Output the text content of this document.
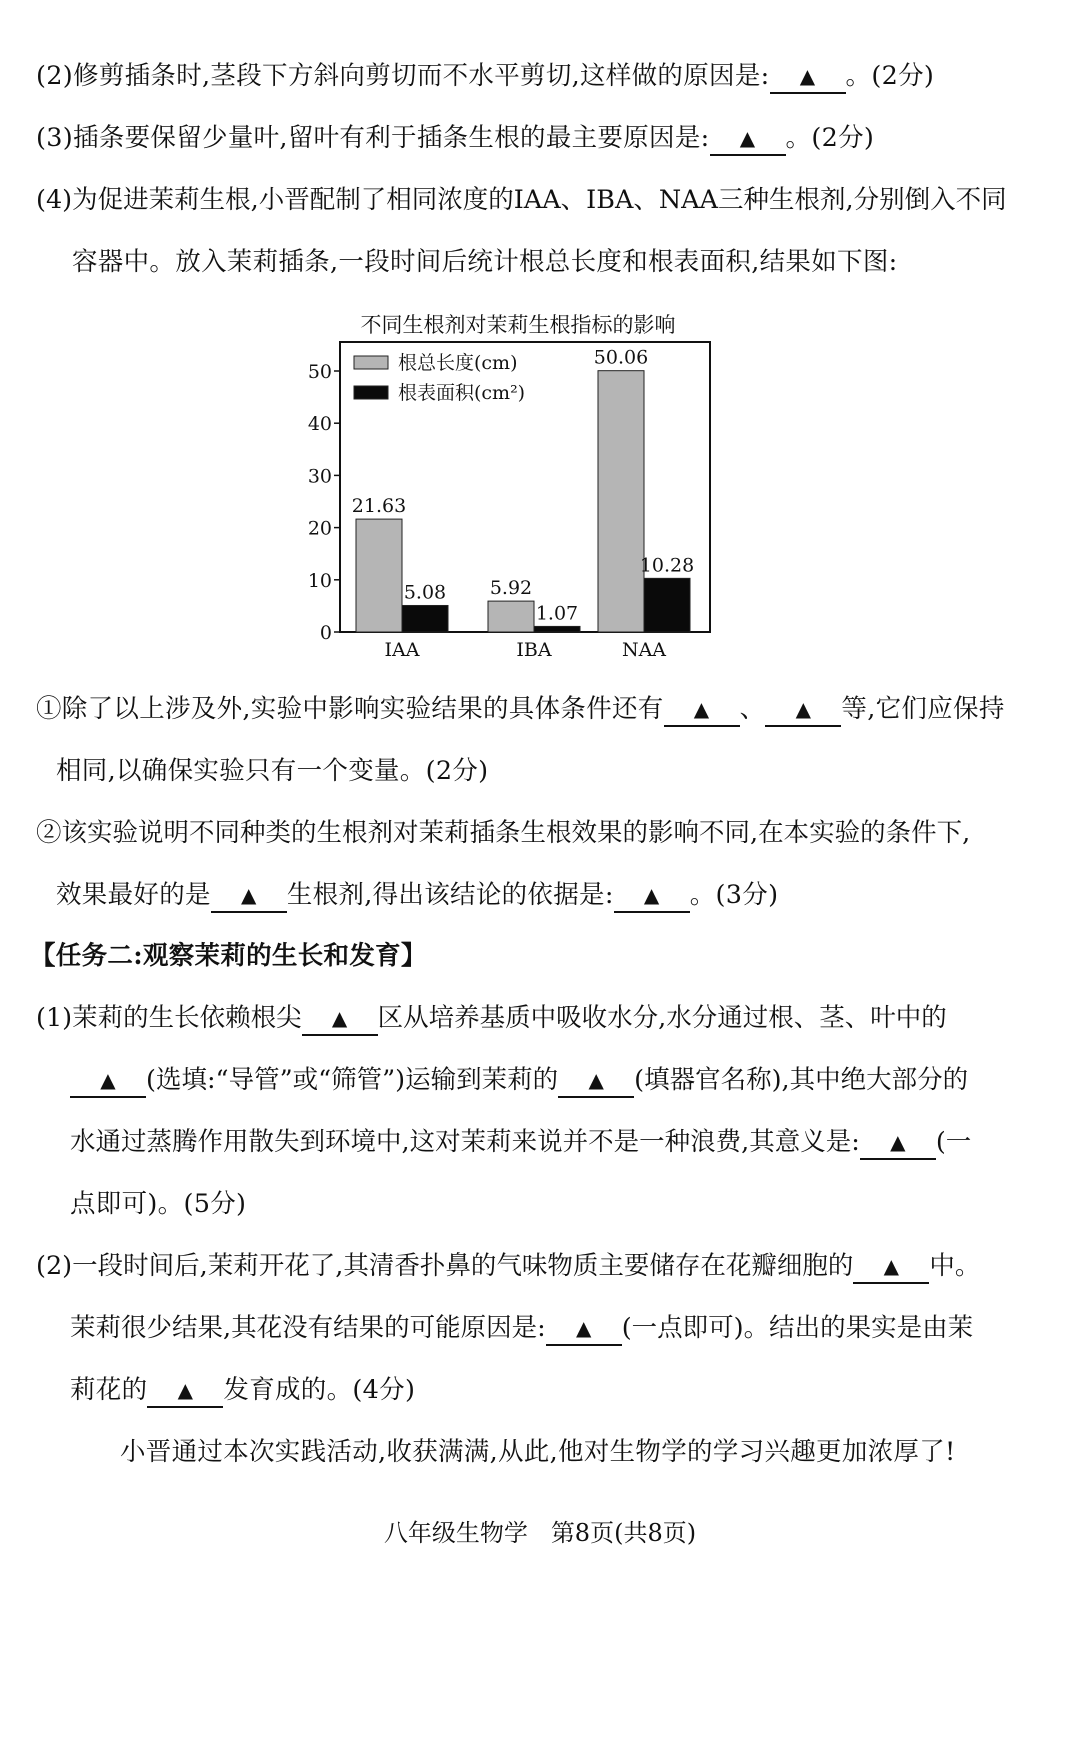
(2)修剪插条时,茎段下方斜向剪切而不水平剪切,这样做的原因是: ▲ 。(2分)
(3)插条要保留少量叶,留叶有利于插条生根的最主要原因是: ▲ 。(2分)
(4)为促进茉莉生根,小晋配制了相同浓度的IAA、IBA、NAA三种生根剂,分别倒入不同
容器中。放入茉莉插条,一段时间后统计根总长度和根表面积,结果如下图:
不同生根剂对茉莉生根指标的影响
0
10
20
30
40
50
21.63
5.08
IAA
5.92
1.07
IBA
50.06
10.28
NAA
根总长度(cm)
根表面积(cm²)
①除了以上涉及外,实验中影响实验结果的具体条件还有 ▲ 、 ▲ 等,它们应保持
相同,以确保实验只有一个变量。(2分)
②该实验说明不同种类的生根剂对茉莉插条生根效果的影响不同,在本实验的条件下,
效果最好的是 ▲ 生根剂,得出该结论的依据是: ▲ 。(3分)
【任务二:观察茉莉的生长和发育】
(1)茉莉的生长依赖根尖 ▲ 区从培养基质中吸收水分,水分通过根、茎、叶中的
▲ (选填:“导管”或“筛管”)运输到茉莉的 ▲ (填器官名称),其中绝大部分的
水通过蒸腾作用散失到环境中,这对茉莉来说并不是一种浪费,其意义是: ▲ (一
点即可)。(5分)
(2)一段时间后,茉莉开花了,其清香扑鼻的气味物质主要储存在花瓣细胞的 ▲ 中。
茉莉很少结果,其花没有结果的可能原因是: ▲ (一点即可)。结出的果实是由茉
莉花的 ▲ 发育成的。(4分)
小晋通过本次实践活动,收获满满,从此,他对生物学的学习兴趣更加浓厚了!
八年级生物学 第8页(共8页)
